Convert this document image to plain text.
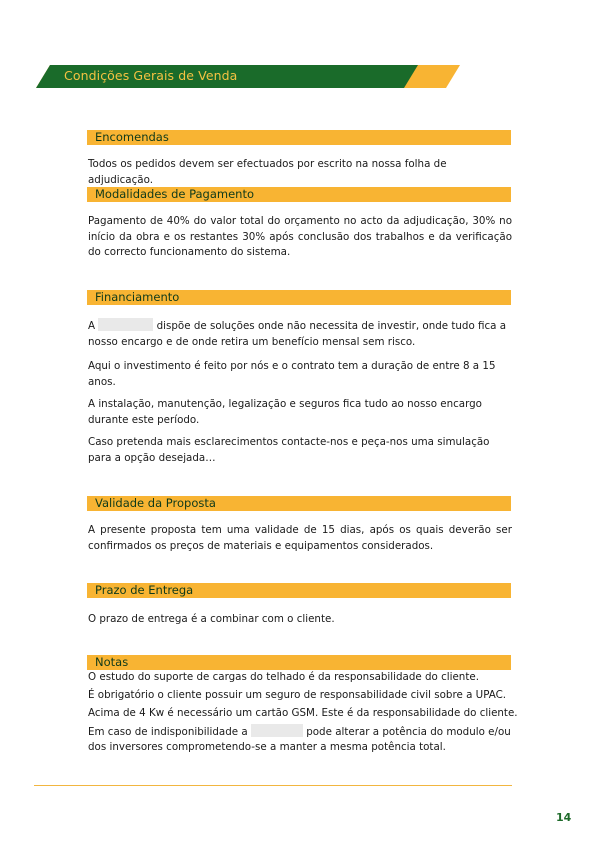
Condições Gerais de Venda
Encomendas
Todos os pedidos devem ser efectuados por escrito na nossa folha de adjudicação.
Modalidades de Pagamento
Pagamento de 40% do valor total do orçamento no acto da adjudicação, 30% no início da obra e os restantes 30% após conclusão dos trabalhos e da verificação do correcto funcionamento do sistema.
Financiamento
A	dispõe de soluções onde não necessita de investir, onde tudo fica a nosso encargo e de onde retira um benefício mensal sem risco.
Aqui o investimento é feito por nós e o contrato tem a duração de entre 8 a 15 anos.
A instalação, manutenção, legalização e seguros fica tudo ao nosso encargo durante este período.
Caso pretenda mais esclarecimentos contacte-nos e peça-nos uma simulação para a opção desejada…
Validade da Proposta
A presente proposta tem uma validade de 15 dias, após os quais deverão ser confirmados os preços de materiais e equipamentos considerados.
Prazo de Entrega
O prazo de entrega é a combinar com o cliente.
Notas
O estudo do suporte de cargas do telhado é da responsabilidade do cliente.
É obrigatório o cliente possuir um seguro de responsabilidade civil sobre a UPAC.
Acima de 4 Kw é necessário um cartão GSM. Este é da responsabilidade do cliente.
Em caso de indisponibilidade a	pode alterar a potência do modulo e/ou
dos inversores comprometendo-se a manter a mesma potência total.
14
